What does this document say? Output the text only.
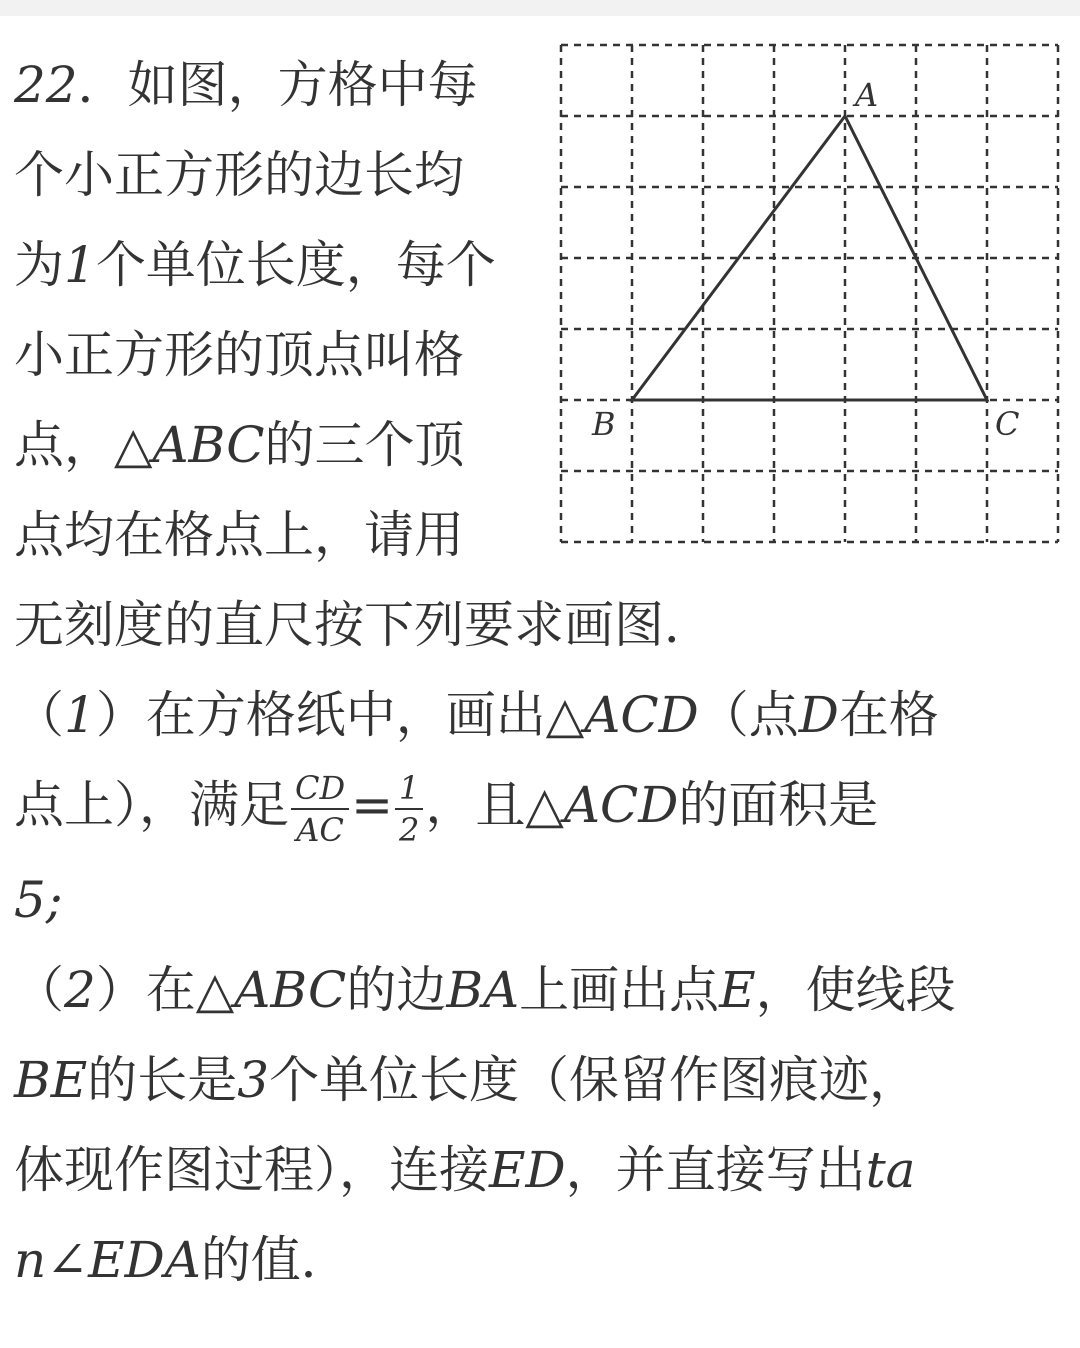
22．如图，方格中每
个小正方形的边长均
为1个单位长度，每个
小正方形的顶点叫格
点，△ABC的三个顶
点均在格点上，请用
无刻度的直尺按下列要求画图．
（1）在方格纸中，画出△ACD（点D在格
点上），满足 $\frac{CD}{AC} = \frac{1}{2}$ ，且△ACD的面积是
5;
（2）在△ABC的边BA上画出点E，使线段
BE的长是3个单位长度（保留作图痕迹，
体现作图过程），连接ED，并直接写出ta
n∠EDA的值．
A
B	C
